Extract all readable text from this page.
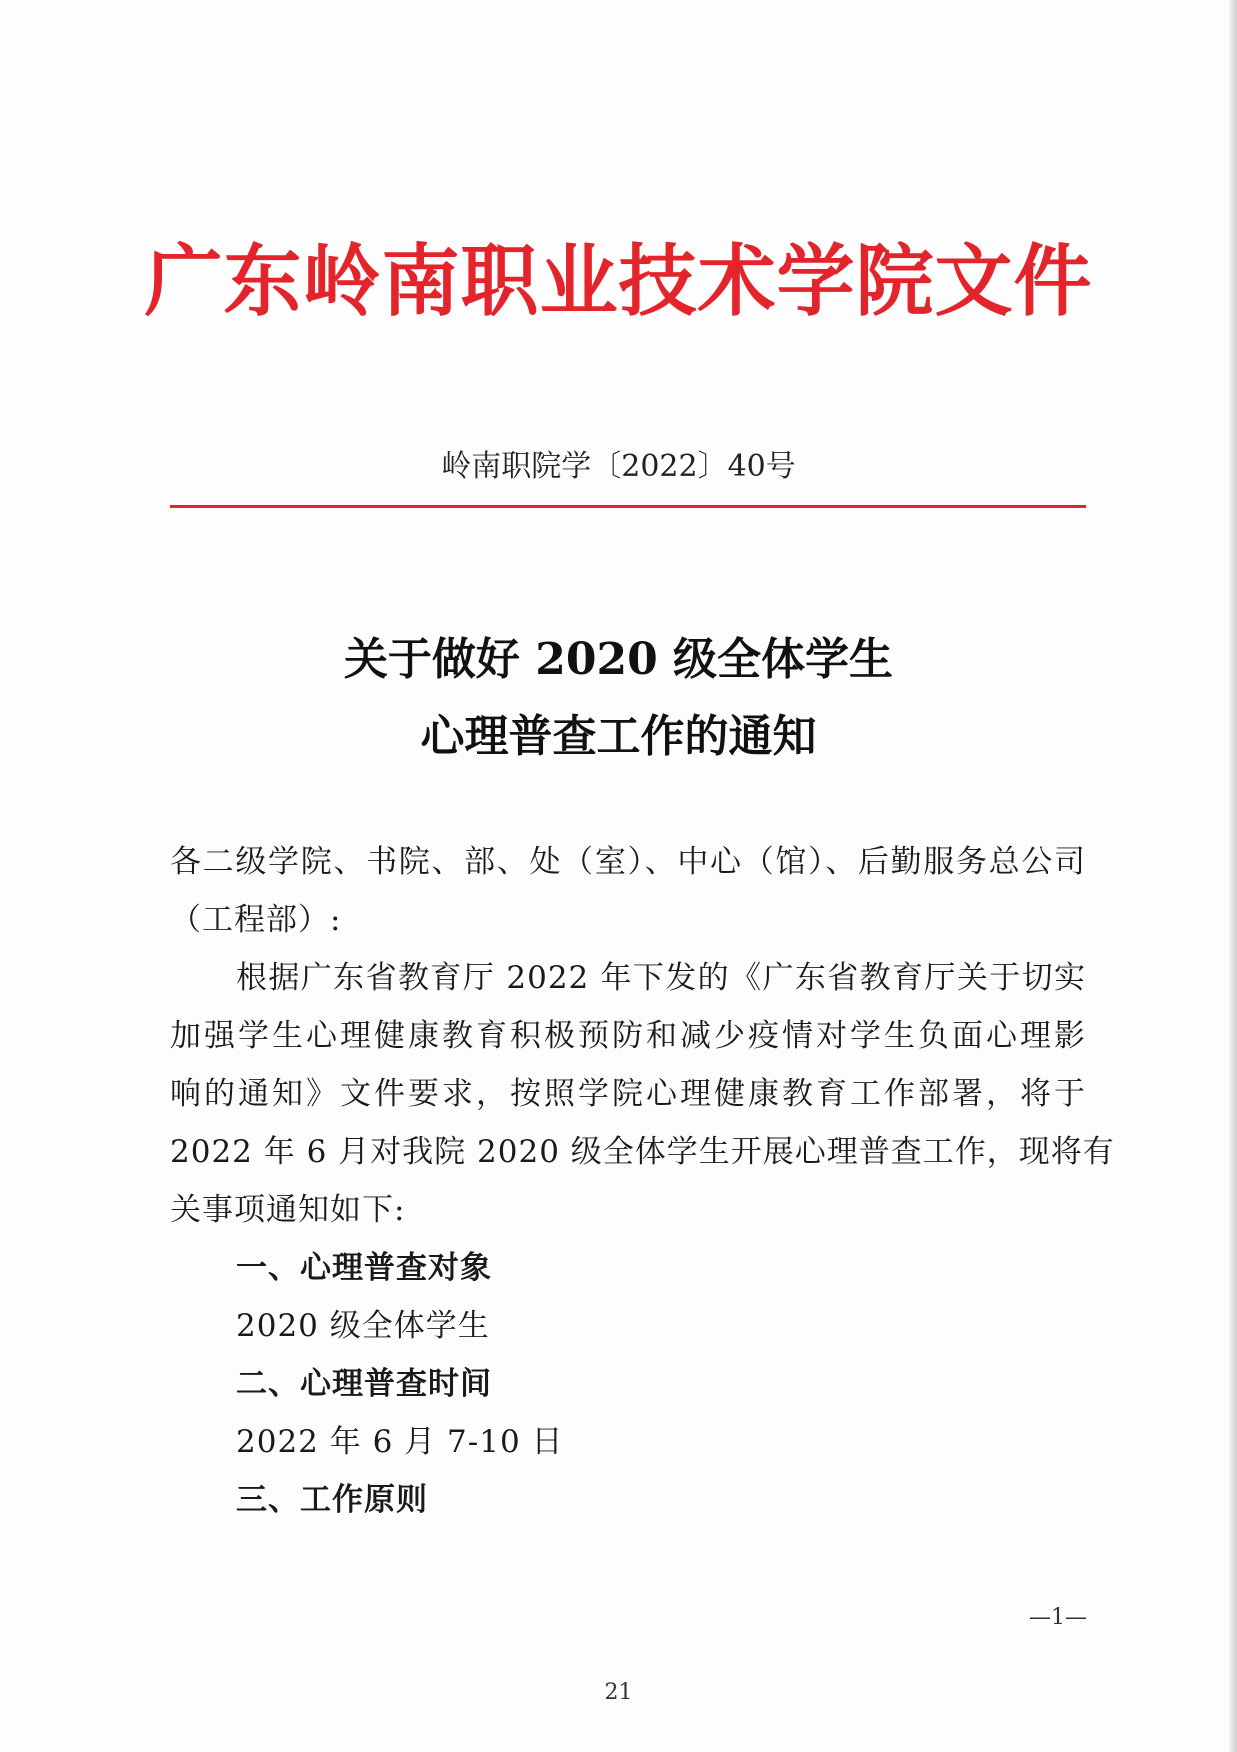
广东岭南职业技术学院文件
岭南职院学〔2022〕40号
关于做好 2020 级全体学生
心理普查工作的通知
各二级学院、书院、部、处（室）、中心（馆）、后勤服务总公司
（工程部）:
根据广东省教育厅 2022 年下发的《广东省教育厅关于切实
加强学生心理健康教育积极预防和减少疫情对学生负面心理影
响的通知》文件要求，按照学院心理健康教育工作部署，将于
2022 年 6 月对我院 2020 级全体学生开展心理普查工作，现将有
关事项通知如下:
一、心理普查对象
2020 级全体学生
二、心理普查时间
2022 年 6 月 7-10 日
三、工作原则
—1—
21
